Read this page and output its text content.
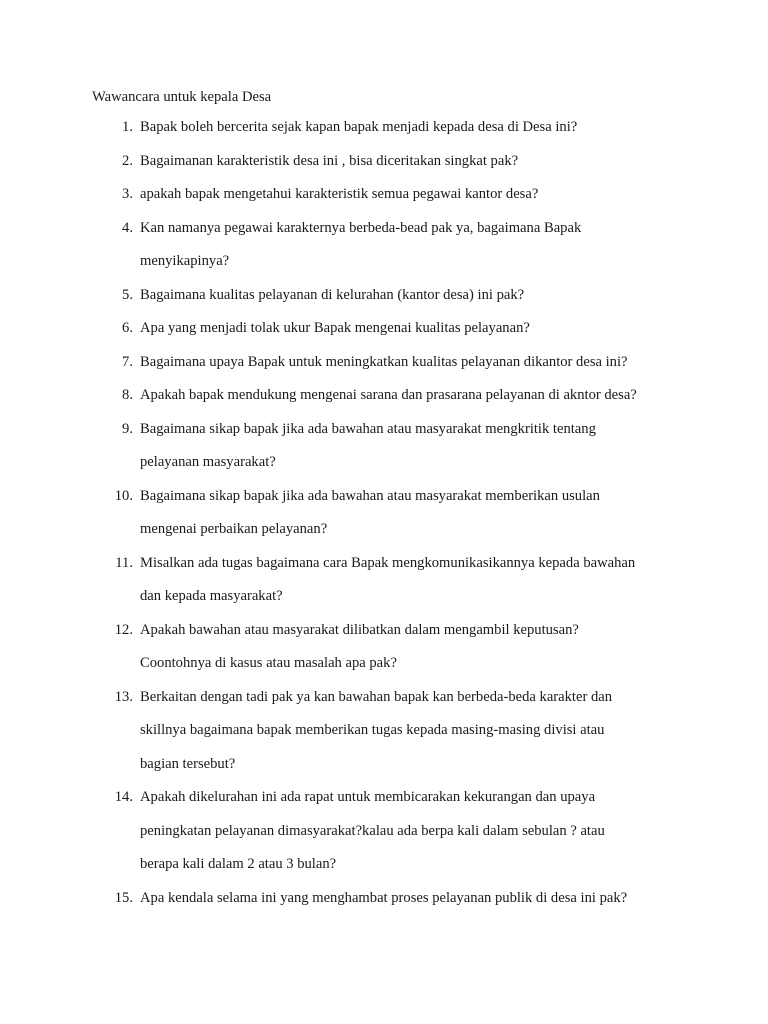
Wawancara untuk kepala Desa
1. Bapak boleh bercerita sejak kapan bapak menjadi kepada desa di Desa ini?
2. Bagaimanan karakteristik desa ini , bisa diceritakan singkat pak?
3. apakah bapak mengetahui karakteristik semua pegawai kantor desa?
4. Kan namanya pegawai karakternya berbeda-bead pak ya, bagaimana Bapak
menyikapinya?
5. Bagaimana kualitas pelayanan di kelurahan (kantor desa) ini pak?
6. Apa yang menjadi tolak ukur Bapak mengenai kualitas pelayanan?
7. Bagaimana upaya Bapak untuk meningkatkan kualitas pelayanan dikantor desa ini?
8. Apakah bapak mendukung mengenai sarana dan prasarana pelayanan di akntor desa?
9. Bagaimana sikap bapak jika ada bawahan atau masyarakat mengkritik tentang
pelayanan masyarakat?
10. Bagaimana sikap bapak jika ada bawahan atau masyarakat memberikan usulan
mengenai perbaikan pelayanan?
11. Misalkan ada tugas bagaimana cara Bapak mengkomunikasikannya kepada bawahan
dan kepada masyarakat?
12. Apakah bawahan atau masyarakat dilibatkan dalam mengambil keputusan?
Coontohnya di kasus atau masalah apa pak?
13. Berkaitan dengan tadi pak ya kan bawahan bapak kan berbeda-beda karakter dan
skillnya bagaimana bapak memberikan tugas kepada masing-masing divisi atau
bagian tersebut?
14. Apakah dikelurahan ini ada rapat untuk membicarakan kekurangan dan upaya
peningkatan pelayanan dimasyarakat?kalau ada berpa kali dalam sebulan ? atau
berapa kali dalam 2 atau 3 bulan?
15. Apa kendala selama ini yang menghambat proses pelayanan publik di desa ini pak?
